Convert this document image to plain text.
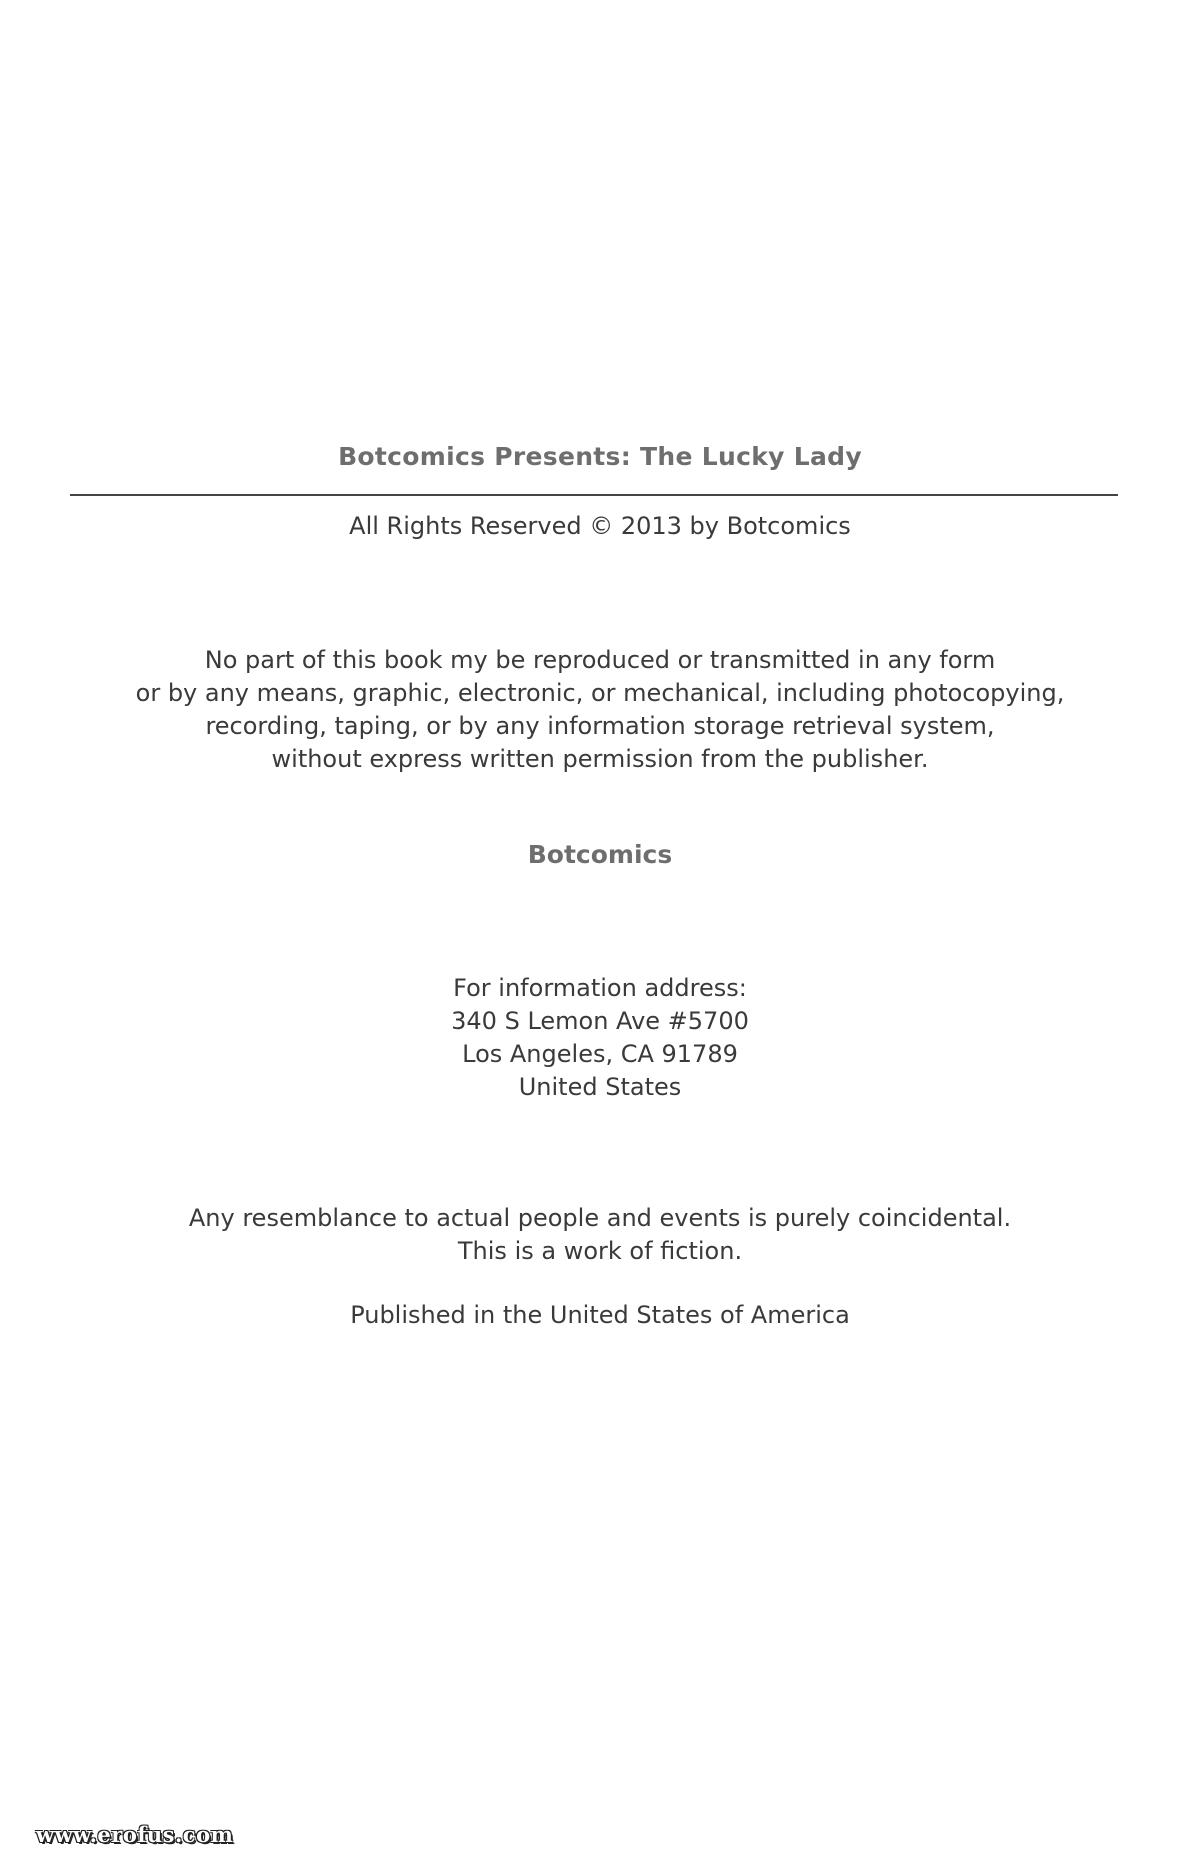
Botcomics Presents: The Lucky Lady
All Rights Reserved © 2013 by Botcomics
No part of this book my be reproduced or transmitted in any form
or by any means, graphic, electronic, or mechanical, including photocopying,
recording, taping, or by any information storage retrieval system,
without express written permission from the publisher.
Botcomics
For information address:
340 S Lemon Ave #5700
Los Angeles, CA 91789
United States
Any resemblance to actual people and events is purely coincidental.
This is a work of fiction.
Published in the United States of America
www.erofus.com
